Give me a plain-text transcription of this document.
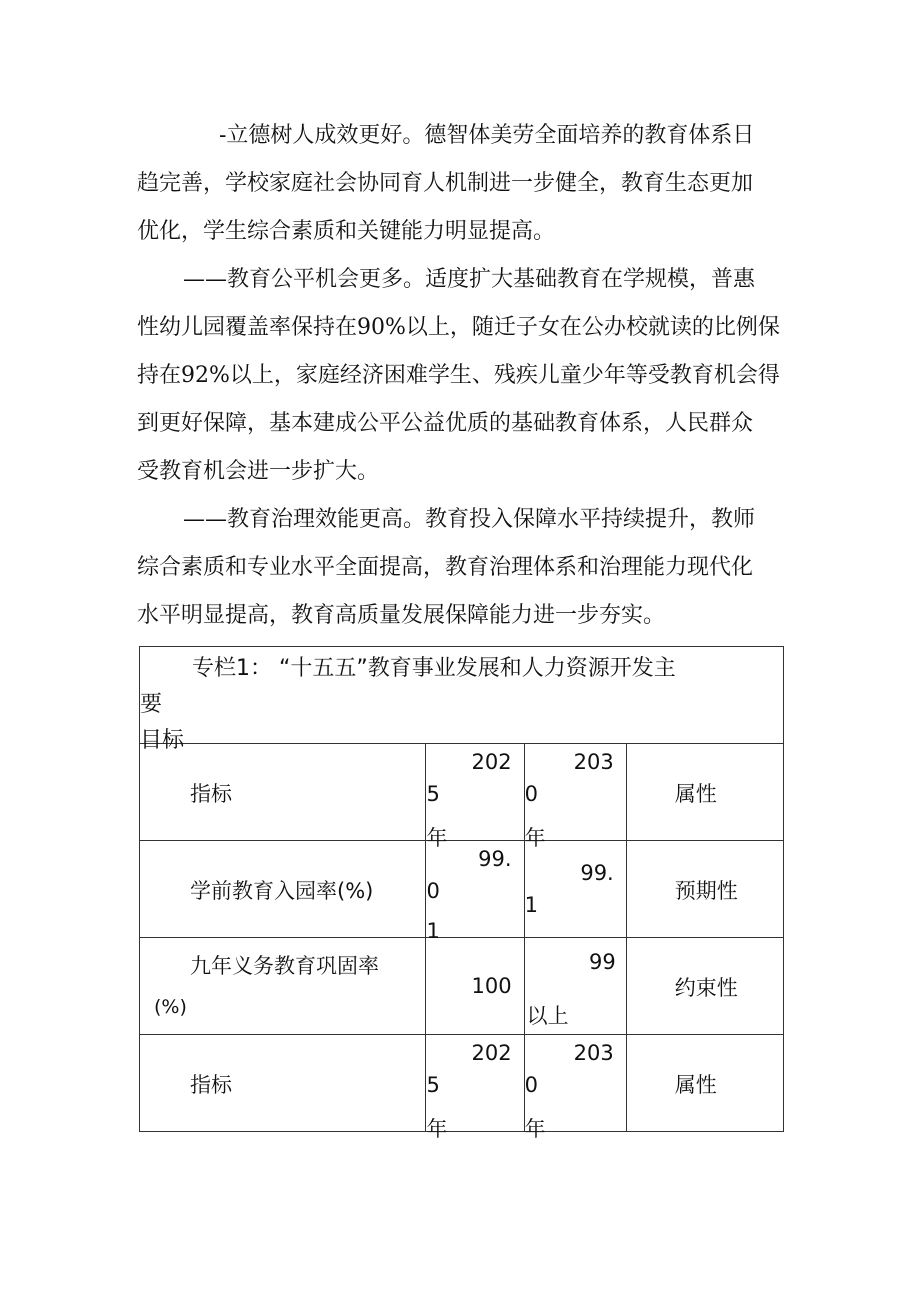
-立德树人成效更好。德智体美劳全面培养的教育体系日
趋完善，学校家庭社会协同育人机制进一步健全，教育生态更加
优化，学生综合素质和关键能力明显提高。
——教育公平机会更多。适度扩大基础教育在学规模，普惠
性幼儿园覆盖率保持在90%以上，随迁子女在公办校就读的比例保
持在92%以上，家庭经济困难学生、残疾儿童少年等受教育机会得
到更好保障，基本建成公平公益优质的基础教育体系，人民群众
受教育机会进一步扩大。
——教育治理效能更高。教育投入保障水平持续提升，教师
综合素质和专业水平全面提高，教育治理体系和治理能力现代化
水平明显提高，教育高质量发展保障能力进一步夯实。
专栏1： “十五五”教育事业发展和人力资源开发主
要
目标			

指标	202
5
年	203
0
年	属性

学前教育入园率(%)	99.
0
1	99.
1	预期性

九年义务教育巩固率
(%)	100	99
以上	约束性

指标	202
5
年	203
0
年	属性
